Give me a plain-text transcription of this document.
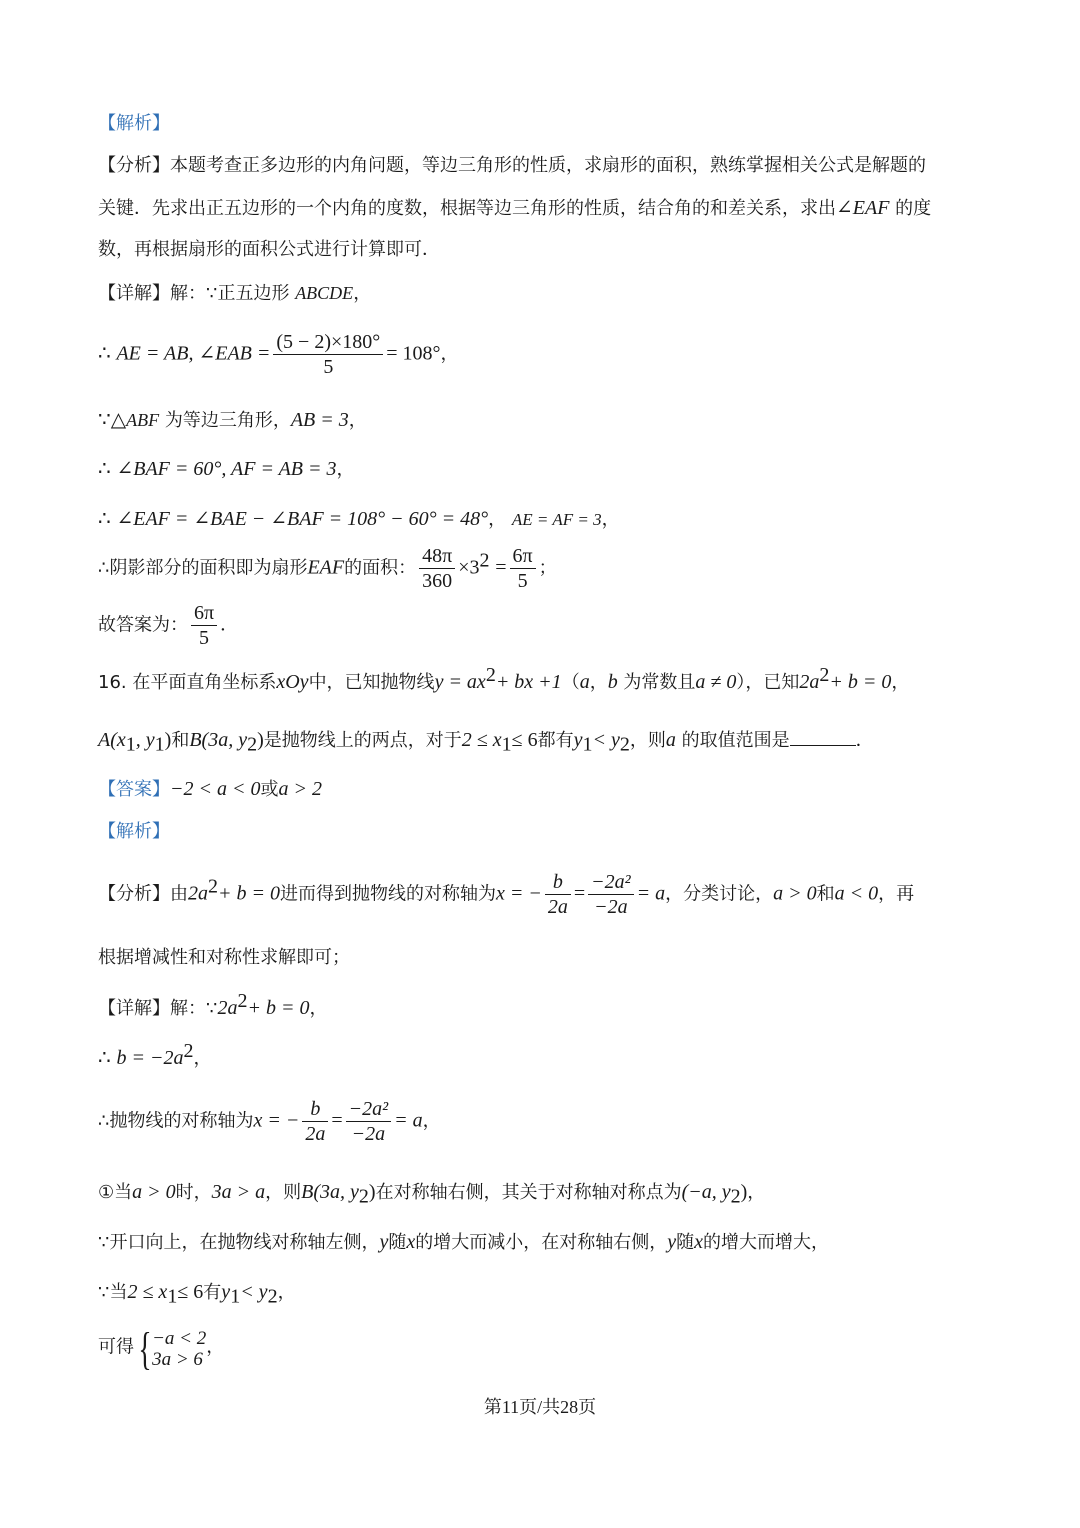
【解析】
【分析】本题考查正多边形的内角问题，等边三角形的性质，求扇形的面积，熟练掌握相关公式是解题的
关键．先求出正五边形的一个内角的度数，根据等边三角形的性质，结合角的和差关系，求出∠EAF 的度
数，再根据扇形的面积公式进行计算即可．
【详解】解：∵正五边形 ABCDE，
∴ AE = AB, ∠EAB = $\frac{(5 - 2)\times 180^\circ}{5} = 108^\circ$，
∵△ABF 为等边三角形，AB = 3，
∴ ∠BAF = 60°, AF = AB = 3，
∴ ∠EAF = ∠BAE − ∠BAF = 108° − 60° = 48°， AE = AF = 3，
∴阴影部分的面积即为扇形EAF的面积： $\frac{48\pi}{360} \times 3^2 = \frac{6\pi}{5}$ ；
故答案为： $\frac{6\pi}{5}$ ．
16. 在平面直角坐标系xOy中，已知抛物线$y = ax^2+$ bx +1（a，b 为常数且a ≠ 0），已知$2a^2+ b = 0$，
$A(x_1$, $y_1$)和B(3a, $y_2$)是抛物线上的两点，对于$2 \le x_1\le 6$都有$y_1< y_2$，则a 的取值范围是	．
【答案】−2 < a < 0或a > 2
【解析】
【分析】由$2a^2+ b = 0$进而得到抛物线的对称轴为x = − $\frac{b}{2a} = \frac{\text{−2a²}}{-2a} = a$，分类讨论，a > 0和a < 0，再
根据增减性和对称性求解即可；
【详解】解：$\because 2a^2+ b = 0$，
∴ $b = -2a^2$，
∴抛物线的对称轴为x = − $\frac{b}{2a} = \frac{\text{−2a²}}{-2a} = a$，
①当a > 0时，3a > a，则B(3a, $y_2$)在对称轴右侧，其关于对称轴对称点为(−a, $y_2$)，
∵开口向上，在抛物线对称轴左侧，y随x的增大而减小，在对称轴右侧，y随x的增大而增大，
∵当$2 \le x_1\le 6$有$y_1< y_2$，
可得{ −a < 2
3a > 6
，
第11页/共28页
